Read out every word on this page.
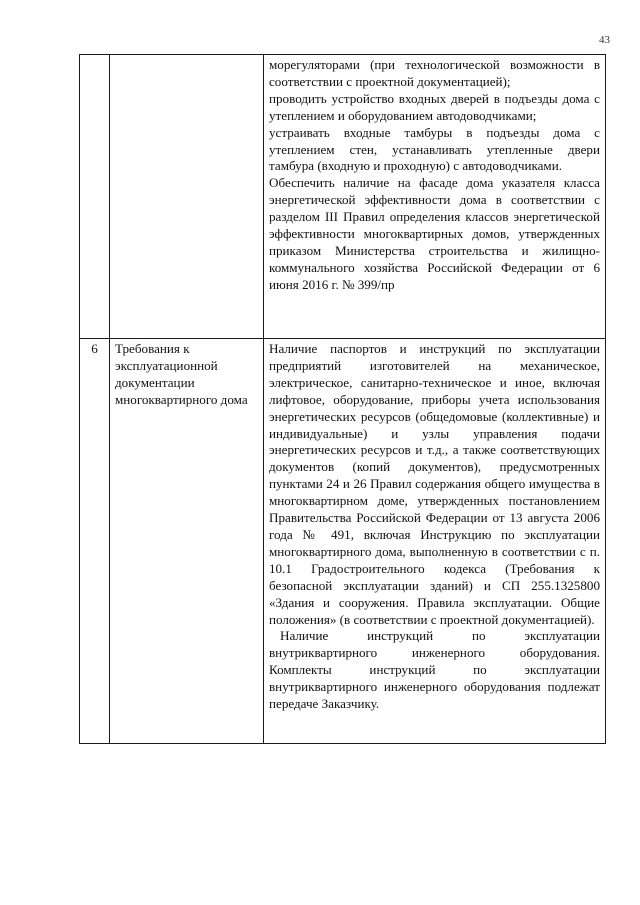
43

		морегуляторами (при технологической возможности в соответствии с проектной документацией);

проводить устройство входных дверей в подъезды дома с утеплением и оборудованием автодоводчиками;

устраивать входные тамбуры в подъезды дома с утеплением стен, устанавливать утепленные двери тамбура (входную и проходную) с автодоводчиками.

Обеспечить наличие на фасаде дома указателя класса энергетической эффективности дома в соответствии с разделом III Правил определения классов энергетической эффективности многоквартирных домов, утвержденных приказом Министерства строительства и жилищно-коммунального хозяйства Российской Федерации от 6 июня 2016 г. № 399/пр

6	Требования к эксплуатационной документации многоквартирного дома	Наличие паспортов и инструкций по эксплуатации предприятий изготовителей на механическое, электрическое, санитарно-техническое и иное, включая лифтовое, оборудование, приборы учета использования энергетических ресурсов (общедомовые (коллективные) и индивидуальные) и узлы управления подачи энергетических ресурсов и т.д., а также соответствующих документов (копий документов), предусмотренных пунктами 24 и 26 Правил содержания общего имущества в многоквартирном доме, утвержденных постановлением Правительства Российской Федерации от 13 августа 2006 года № 491, включая Инструкцию по эксплуатации многоквартирного дома, выполненную в соответствии с п. 10.1 Градостроительного кодекса (Требования к безопасной эксплуатации зданий) и СП 255.1325800 «Здания и сооружения. Правила эксплуатации. Общие положения» (в соответствии с проектной документацией).

Наличие инструкций по эксплуатации внутриквартирного инженерного оборудования. Комплекты инструкций по эксплуатации внутриквартирного инженерного оборудования подлежат передаче Заказчику.
